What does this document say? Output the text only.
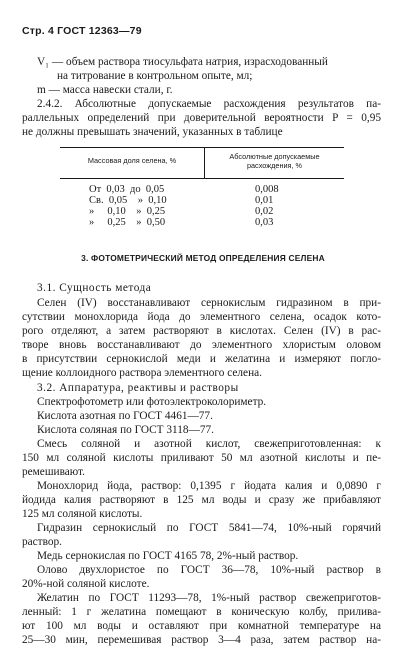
Стр. 4 ГОСТ 12363—79
V₁ — объем раствора тиосульфата натрия, израсходованный
на титрование в контрольном опыте, мл;
m — масса навески стали, г.
2.4.2. Абсолютные допускаемые расхождения результатов па-
раллельных определений при доверительной вероятности P = 0,95
не должны превышать значений, указанных в таблице
Массовая доля селена, %	Абсолютные допускаемые
расхождения, %
От  0,03  до  0,05	0,008
Св.  0,05    »  0,10	0,01
»     0,10    »  0,25	0,02
»     0,25    »  0,50	0,03
3. ФОТОМЕТРИЧЕСКИЙ МЕТОД ОПРЕДЕЛЕНИЯ СЕЛЕНА
3.1. Сущность метода
Селен (IV) восстанавливают сернокислым гидразином в при-
сутствии монохлорида йода до элементного селена, осадок кото-
рого отделяют, а затем растворяют в кислотах. Селен (IV) в рас-
творе вновь восстанавливают до элементного хлористым оловом
в присутствии сернокислой меди и желатина и измеряют погло-
щение коллоидного раствора элементного селена.
3.2. Аппаратура, реактивы и растворы
Спектрофотометр или фотоэлектроколориметр.
Кислота азотная по ГОСТ 4461—77.
Кислота соляная по ГОСТ 3118—77.
Смесь соляной и азотной кислот, свежеприготовленная: к
150 мл соляной кислоты приливают 50 мл азотной кислоты и пе-
ремешивают.
Монохлорид йода, раствор: 0,1395 г йодата калия и 0,0890 г
йодида калия растворяют в 125 мл воды и сразу же прибавляют
125 мл соляной кислоты.
Гидразин сернокислый по ГОСТ 5841—74, 10%-ный горячий
раствор.
Медь сернокислая по ГОСТ 4165 78, 2%-ный раствор.
Олово двухлористое по ГОСТ 36—78, 10%-ный раствор в
20%-ной соляной кислоте.
Желатин по ГОСТ 11293—78, 1%-ный раствор свежеприготов-
ленный: 1 г желатина помещают в коническую колбу, прилива-
ют 100 мл воды и оставляют при комнатной температуре на
25—30 мин, перемешивая раствор 3—4 раза, затем раствор на-
